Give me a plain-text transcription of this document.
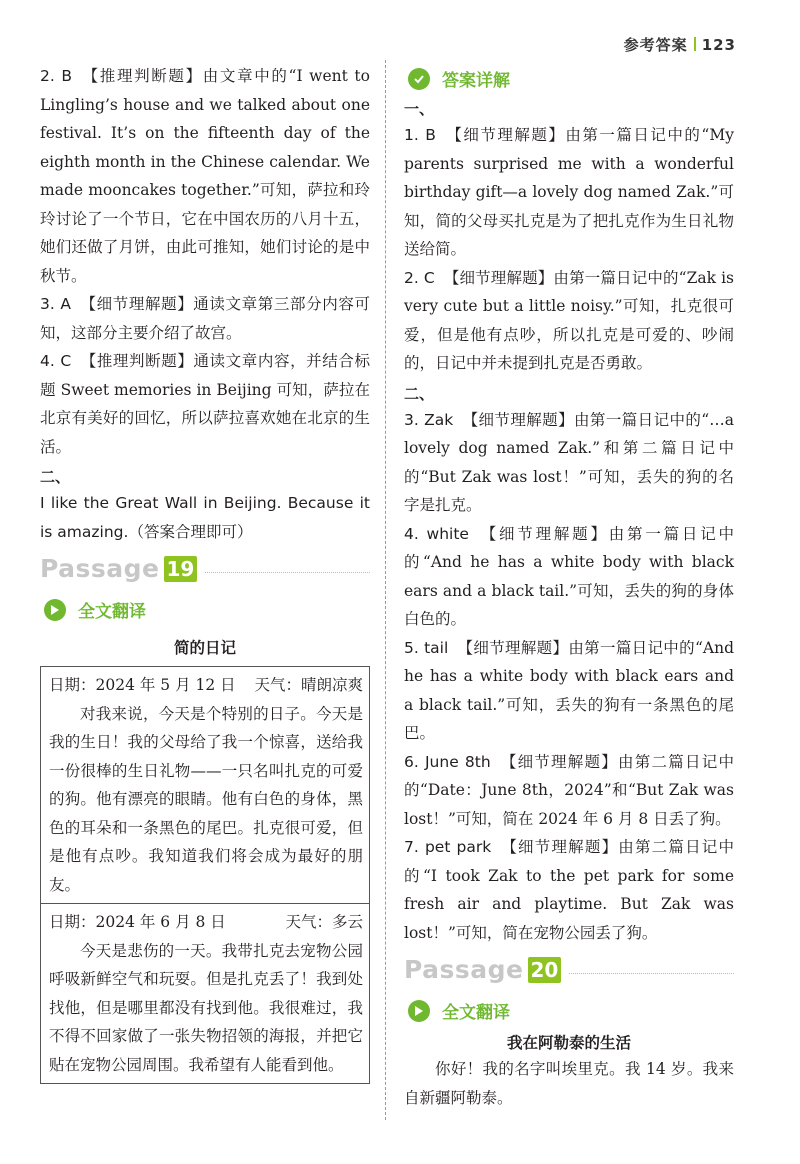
参考答案 123

2. B 【推理判断题】由文章中的“I went to Lingling’s house and we talked about one festival. It’s on the fifteenth day of the eighth month in the Chinese calendar. We made mooncakes together.”可知，萨拉和玲玲讨论了一个节日，它在中国农历的八月十五，她们还做了月饼，由此可推知，她们讨论的是中秋节。

3. A 【细节理解题】通读文章第三部分内容可知，这部分主要介绍了故宫。

4. C 【推理判断题】通读文章内容，并结合标题 Sweet memories in Beijing 可知，萨拉在北京有美好的回忆，所以萨拉喜欢她在北京的生活。

二、

I like the Great Wall in Beijing. Because it is amazing.（答案合理即可）

Passage 19
全文翻译
简的日记
日期：2024 年 5 月 12 日 天气：晴朗凉爽

对我来说，今天是个特别的日子。今天是我的生日！我的父母给了我一个惊喜，送给我一份很棒的生日礼物——一只名叫扎克的可爱的狗。他有漂亮的眼睛。他有白色的身体，黑色的耳朵和一条黑色的尾巴。扎克很可爱，但是他有点吵。我知道我们将会成为最好的朋友。

日期：2024 年 6 月 8 日	天气：多云

今天是悲伤的一天。我带扎克去宠物公园呼吸新鲜空气和玩耍。但是扎克丢了！我到处找他，但是哪里都没有找到他。我很难过，我不得不回家做了一张失物招领的海报，并把它贴在宠物公园周围。我希望有人能看到他。

答案详解

一、

1. B 【细节理解题】由第一篇日记中的“My parents surprised me with a wonderful birthday gift—a lovely dog named Zak.”可知，简的父母买扎克是为了把扎克作为生日礼物送给简。

2. C 【细节理解题】由第一篇日记中的“Zak is very cute but a little noisy.”可知，扎克很可爱，但是他有点吵，所以扎克是可爱的、吵闹的，日记中并未提到扎克是否勇敢。

二、

3. Zak 【细节理解题】由第一篇日记中的“…a lovely dog named Zak.”和第二篇日记中的“But Zak was lost！”可知，丢失的狗的名字是扎克。

4. white 【细节理解题】由第一篇日记中的“And he has a white body with black ears and a black tail.”可知，丢失的狗的身体白色的。

5. tail 【细节理解题】由第一篇日记中的“And he has a white body with black ears and a black tail.”可知，丢失的狗有一条黑色的尾巴。

6. June 8th 【细节理解题】由第二篇日记中的“Date：June 8th，2024”和“But Zak was lost！”可知，简在 2024 年 6 月 8 日丢了狗。

7. pet park 【细节理解题】由第二篇日记中的“I took Zak to the pet park for some fresh air and playtime. But Zak was lost！”可知，简在宠物公园丢了狗。

Passage 20
全文翻译
我在阿勒泰的生活

你好！我的名字叫埃里克。我 14 岁。我来自新疆阿勒泰。
